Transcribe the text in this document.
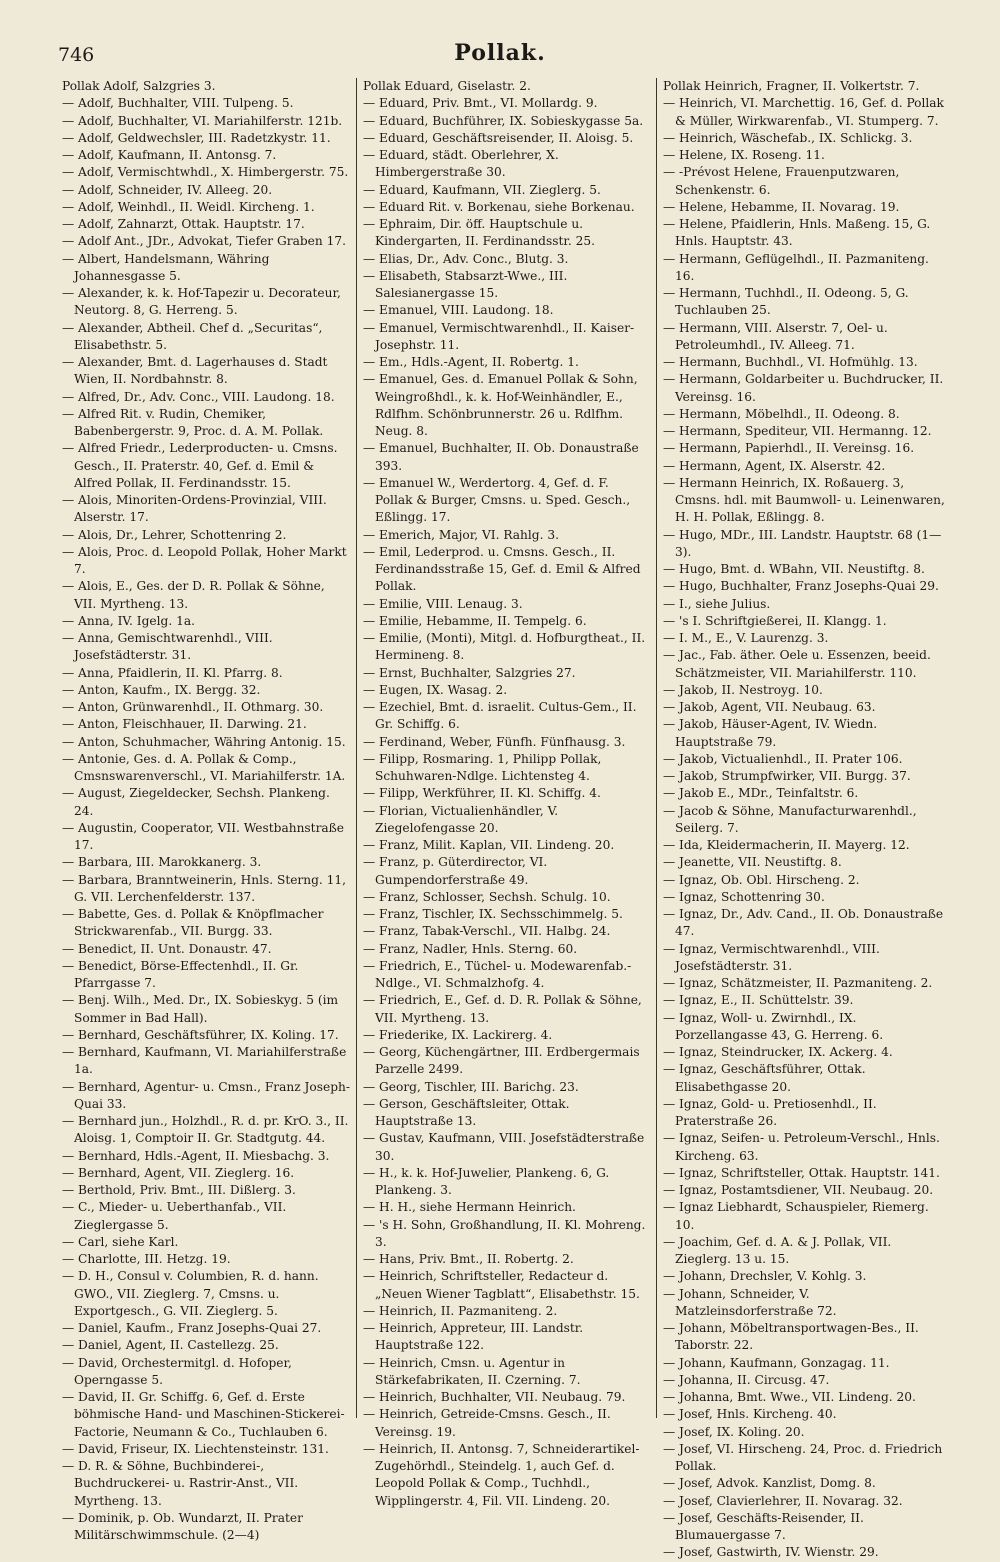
746	Pollak.

Pollak Adolf, Salzgries 3.

— Adolf, Buchhalter, VIII. Tulpeng. 5.

— Adolf, Buchhalter, VI. Mariahilferstr. 121b.

— Adolf, Geldwechsler, III. Radetzkystr. 11.

— Adolf, Kaufmann, II. Antonsg. 7.

— Adolf, Vermischtwhdl., X. Himbergerstr. 75.

— Adolf, Schneider, IV. Alleeg. 20.

— Adolf, Weinhdl., II. Weidl. Kircheng. 1.

— Adolf, Zahnarzt, Ottak. Hauptstr. 17.

— Adolf Ant., JDr., Advokat, Tiefer Graben 17.

— Albert, Handelsmann, Währing Johannesgasse 5.

— Alexander, k. k. Hof-Tapezir u. Decorateur, Neutorg. 8, G. Herreng. 5.

— Alexander, Abtheil. Chef d. „Securitas“, Elisabethstr. 5.

— Alexander, Bmt. d. Lagerhauses d. Stadt Wien, II. Nordbahnstr. 8.

— Alfred, Dr., Adv. Conc., VIII. Laudong. 18.

— Alfred Rit. v. Rudin, Chemiker, Babenbergerstr. 9, Proc. d. A. M. Pollak.

— Alfred Friedr., Lederproducten- u. Cmsns. Gesch., II. Praterstr. 40, Gef. d. Emil & Alfred Pollak, II. Ferdinandsstr. 15.

— Alois, Minoriten-Ordens-Provinzial, VIII. Alserstr. 17.

— Alois, Dr., Lehrer, Schottenring 2.

— Alois, Proc. d. Leopold Pollak, Hoher Markt 7.

— Alois, E., Ges. der D. R. Pollak & Söhne, VII. Myrtheng. 13.

— Anna, IV. Igelg. 1a.

— Anna, Gemischtwarenhdl., VIII. Josefstädterstr. 31.

— Anna, Pfaidlerin, II. Kl. Pfarrg. 8.

— Anton, Kaufm., IX. Bergg. 32.

— Anton, Grünwarenhdl., II. Othmarg. 30.

— Anton, Fleischhauer, II. Darwing. 21.

— Anton, Schuhmacher, Währing Antonig. 15.

— Antonie, Ges. d. A. Pollak & Comp., Cmsnswarenverschl., VI. Mariahilferstr. 1A.

— August, Ziegeldecker, Sechsh. Plankeng. 24.

— Augustin, Cooperator, VII. Westbahnstraße 17.

— Barbara, III. Marokkanerg. 3.

— Barbara, Branntweinerin, Hnls. Sterng. 11, G. VII. Lerchenfelderstr. 137.

— Babette, Ges. d. Pollak & Knöpflmacher Strickwarenfab., VII. Burgg. 33.

— Benedict, II. Unt. Donaustr. 47.

— Benedict, Börse-Effectenhdl., II. Gr. Pfarrgasse 7.

— Benj. Wilh., Med. Dr., IX. Sobieskyg. 5 (im Sommer in Bad Hall).

— Bernhard, Geschäftsführer, IX. Koling. 17.

— Bernhard, Kaufmann, VI. Mariahilferstraße 1a.

— Bernhard, Agentur- u. Cmsn., Franz Joseph-Quai 33.

— Bernhard jun., Holzhdl., R. d. pr. KrO. 3., II. Aloisg. 1, Comptoir II. Gr. Stadtgutg. 44.

— Bernhard, Hdls.-Agent, II. Miesbachg. 3.

— Bernhard, Agent, VII. Zieglerg. 16.

— Berthold, Priv. Bmt., III. Dißlerg. 3.

— C., Mieder- u. Ueberthanfab., VII. Zieglergasse 5.

— Carl, siehe Karl.

— Charlotte, III. Hetzg. 19.

— D. H., Consul v. Columbien, R. d. hann. GWO., VII. Zieglerg. 7, Cmsns. u. Exportgesch., G. VII. Zieglerg. 5.

— Daniel, Kaufm., Franz Josephs-Quai 27.

— Daniel, Agent, II. Castellezg. 25.

— David, Orchestermitgl. d. Hofoper, Operngasse 5.

— David, II. Gr. Schiffg. 6, Gef. d. Erste böhmische Hand- und Maschinen-Stickerei-Factorie, Neumann & Co., Tuchlauben 6.

— David, Friseur, IX. Liechtensteinstr. 131.

— D. R. & Söhne, Buchbinderei-, Buchdruckerei- u. Rastrir-Anst., VII. Myrtheng. 13.

— Dominik, p. Ob. Wundarzt, II. Prater Militärschwimmschule. (2—4)

Pollak Eduard, Giselastr. 2.

— Eduard, Priv. Bmt., VI. Mollardg. 9.

— Eduard, Buchführer, IX. Sobieskygasse 5a.

— Eduard, Geschäftsreisender, II. Aloisg. 5.

— Eduard, städt. Oberlehrer, X. Himbergerstraße 30.

— Eduard, Kaufmann, VII. Zieglerg. 5.

— Eduard Rit. v. Borkenau, siehe Borkenau.

— Ephraim, Dir. öff. Hauptschule u. Kindergarten, II. Ferdinandsstr. 25.

— Elias, Dr., Adv. Conc., Blutg. 3.

— Elisabeth, Stabsarzt-Wwe., III. Salesianergasse 15.

— Emanuel, VIII. Laudong. 18.

— Emanuel, Vermischtwarenhdl., II. Kaiser-Josephstr. 11.

— Em., Hdls.-Agent, II. Robertg. 1.

— Emanuel, Ges. d. Emanuel Pollak & Sohn, Weingroßhdl., k. k. Hof-Weinhändler, E., Rdlfhm. Schönbrunnerstr. 26 u. Rdlfhm. Neug. 8.

— Emanuel, Buchhalter, II. Ob. Donaustraße 393.

— Emanuel W., Werdertorg. 4, Gef. d. F. Pollak & Burger, Cmsns. u. Sped. Gesch., Eßlingg. 17.

— Emerich, Major, VI. Rahlg. 3.

— Emil, Lederprod. u. Cmsns. Gesch., II. Ferdinandsstraße 15, Gef. d. Emil & Alfred Pollak.

— Emilie, VIII. Lenaug. 3.

— Emilie, Hebamme, II. Tempelg. 6.

— Emilie, (Monti), Mitgl. d. Hofburgtheat., II. Hermineng. 8.

— Ernst, Buchhalter, Salzgries 27.

— Eugen, IX. Wasag. 2.

— Ezechiel, Bmt. d. israelit. Cultus-Gem., II. Gr. Schiffg. 6.

— Ferdinand, Weber, Fünfh. Fünfhausg. 3.

— Filipp, Rosmaring. 1, Philipp Pollak, Schuhwaren-Ndlge. Lichtensteg 4.

— Filipp, Werkführer, II. Kl. Schiffg. 4.

— Florian, Victualienhändler, V. Ziegelofengasse 20.

— Franz, Milit. Kaplan, VII. Lindeng. 20.

— Franz, p. Güterdirector, VI. Gumpendorferstraße 49.

— Franz, Schlosser, Sechsh. Schulg. 10.

— Franz, Tischler, IX. Sechsschimmelg. 5.

— Franz, Tabak-Verschl., VII. Halbg. 24.

— Franz, Nadler, Hnls. Sterng. 60.

— Friedrich, E., Tüchel- u. Modewarenfab.-Ndlge., VI. Schmalzhofg. 4.

— Friedrich, E., Gef. d. D. R. Pollak & Söhne, VII. Myrtheng. 13.

— Friederike, IX. Lackirerg. 4.

— Georg, Küchengärtner, III. Erdbergermais Parzelle 2499.

— Georg, Tischler, III. Barichg. 23.

— Gerson, Geschäftsleiter, Ottak. Hauptstraße 13.

— Gustav, Kaufmann, VIII. Josefstädterstraße 30.

— H., k. k. Hof-Juwelier, Plankeng. 6, G. Plankeng. 3.

— H. H., siehe Hermann Heinrich.

— 's H. Sohn, Großhandlung, II. Kl. Mohreng. 3.

— Hans, Priv. Bmt., II. Robertg. 2.

— Heinrich, Schriftsteller, Redacteur d. „Neuen Wiener Tagblatt“, Elisabethstr. 15.

— Heinrich, II. Pazmaniteng. 2.

— Heinrich, Appreteur, III. Landstr. Hauptstraße 122.

— Heinrich, Cmsn. u. Agentur in Stärkefabrikaten, II. Czerning. 7.

— Heinrich, Buchhalter, VII. Neubaug. 79.

— Heinrich, Getreide-Cmsns. Gesch., II. Vereinsg. 19.

— Heinrich, II. Antonsg. 7, Schneiderartikel-Zugehörhdl., Steindelg. 1, auch Gef. d. Leopold Pollak & Comp., Tuchhdl., Wipplingerstr. 4, Fil. VII. Lindeng. 20.

Pollak Heinrich, Fragner, II. Volkertstr. 7.

— Heinrich, VI. Marchettig. 16, Gef. d. Pollak & Müller, Wirkwarenfab., VI. Stumperg. 7.

— Heinrich, Wäschefab., IX. Schlickg. 3.

— Helene, IX. Roseng. 11.

— -Prévost Helene, Frauenputzwaren, Schenkenstr. 6.

— Helene, Hebamme, II. Novarag. 19.

— Helene, Pfaidlerin, Hnls. Maßeng. 15, G. Hnls. Hauptstr. 43.

— Hermann, Geflügelhdl., II. Pazmaniteng. 16.

— Hermann, Tuchhdl., II. Odeong. 5, G. Tuchlauben 25.

— Hermann, VIII. Alserstr. 7, Oel- u. Petroleumhdl., IV. Alleeg. 71.

— Hermann, Buchhdl., VI. Hofmühlg. 13.

— Hermann, Goldarbeiter u. Buchdrucker, II. Vereinsg. 16.

— Hermann, Möbelhdl., II. Odeong. 8.

— Hermann, Spediteur, VII. Hermanng. 12.

— Hermann, Papierhdl., II. Vereinsg. 16.

— Hermann, Agent, IX. Alserstr. 42.

— Hermann Heinrich, IX. Roßauerg. 3, Cmsns. hdl. mit Baumwoll- u. Leinenwaren, H. H. Pollak, Eßlingg. 8.

— Hugo, MDr., III. Landstr. Hauptstr. 68 (1—3).

— Hugo, Bmt. d. WBahn, VII. Neustiftg. 8.

— Hugo, Buchhalter, Franz Josephs-Quai 29.

— I., siehe Julius.

— 's I. Schriftgießerei, II. Klangg. 1.

— I. M., E., V. Laurenzg. 3.

— Jac., Fab. äther. Oele u. Essenzen, beeid. Schätzmeister, VII. Mariahilferstr. 110.

— Jakob, II. Nestroyg. 10.

— Jakob, Agent, VII. Neubaug. 63.

— Jakob, Häuser-Agent, IV. Wiedn. Hauptstraße 79.

— Jakob, Victualienhdl., II. Prater 106.

— Jakob, Strumpfwirker, VII. Burgg. 37.

— Jakob E., MDr., Teinfaltstr. 6.

— Jacob & Söhne, Manufacturwarenhdl., Seilerg. 7.

— Ida, Kleidermacherin, II. Mayerg. 12.

— Jeanette, VII. Neustiftg. 8.

— Ignaz, Ob. Obl. Hirscheng. 2.

— Ignaz, Schottenring 30.

— Ignaz, Dr., Adv. Cand., II. Ob. Donaustraße 47.

— Ignaz, Vermischtwarenhdl., VIII. Josefstädterstr. 31.

— Ignaz, Schätzmeister, II. Pazmaniteng. 2.

— Ignaz, E., II. Schüttelstr. 39.

— Ignaz, Woll- u. Zwirnhdl., IX. Porzellangasse 43, G. Herreng. 6.

— Ignaz, Steindrucker, IX. Ackerg. 4.

— Ignaz, Geschäftsführer, Ottak. Elisabethgasse 20.

— Ignaz, Gold- u. Pretiosenhdl., II. Praterstraße 26.

— Ignaz, Seifen- u. Petroleum-Verschl., Hnls. Kircheng. 63.

— Ignaz, Schriftsteller, Ottak. Hauptstr. 141.

— Ignaz, Postamtsdiener, VII. Neubaug. 20.

— Ignaz Liebhardt, Schauspieler, Riemerg. 10.

— Joachim, Gef. d. A. & J. Pollak, VII. Zieglerg. 13 u. 15.

— Johann, Drechsler, V. Kohlg. 3.

— Johann, Schneider, V. Matzleinsdorferstraße 72.

— Johann, Möbeltransportwagen-Bes., II. Taborstr. 22.

— Johann, Kaufmann, Gonzagag. 11.

— Johanna, II. Circusg. 47.

— Johanna, Bmt. Wwe., VII. Lindeng. 20.

— Josef, Hnls. Kircheng. 40.

— Josef, IX. Koling. 20.

— Josef, VI. Hirscheng. 24, Proc. d. Friedrich Pollak.

— Josef, Advok. Kanzlist, Domg. 8.

— Josef, Clavierlehrer, II. Novarag. 32.

— Josef, Geschäfts-Reisender, II. Blumauergasse 7.

— Josef, Gastwirth, IV. Wienstr. 29.
